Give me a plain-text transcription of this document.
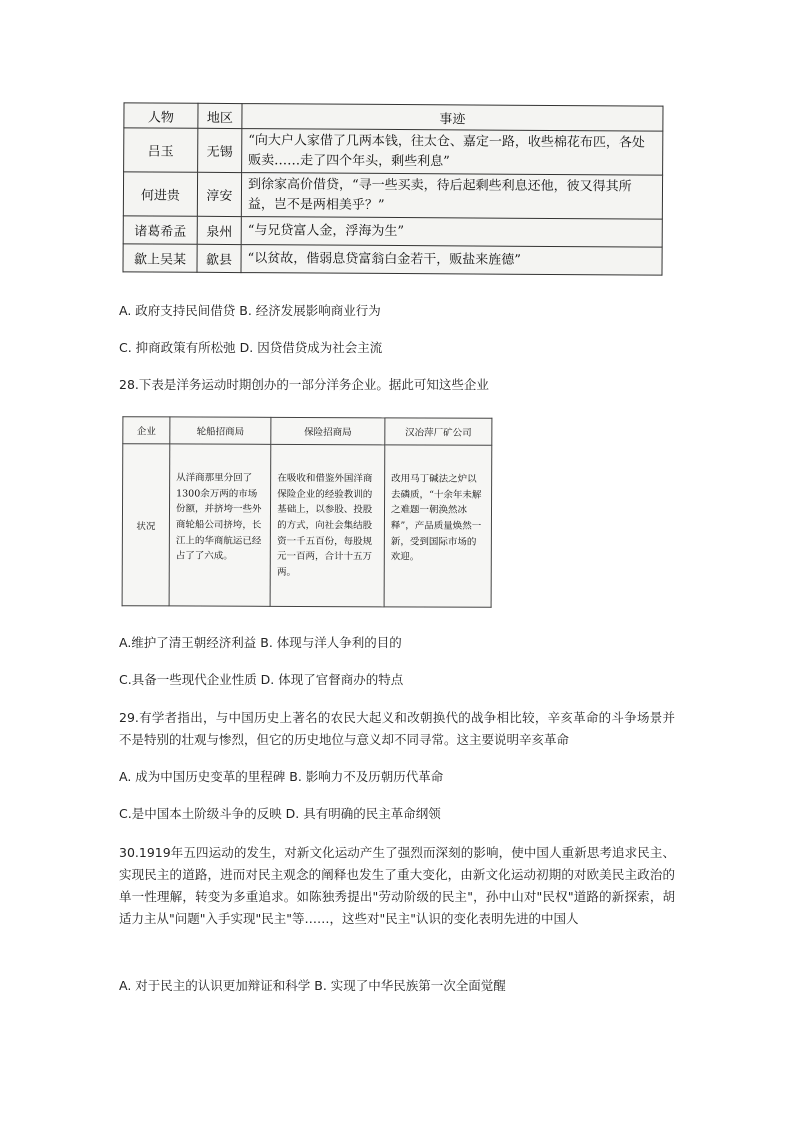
人物	地区	事迹
吕玉	无锡	“向大户人家借了几两本钱，往太仓、嘉定一路，收些棉花布匹，各处贩卖……走了四个年头，剩些利息”
何进贵	淳安	到徐家高价借贷，“寻一些买卖，待后起剩些利息还他，彼又得其所益，岂不是两相美乎？”
诸葛希孟	泉州	“与兄贷富人金，浮海为生”
歙上吴某	歙县	“以贫故，偕弱息贷富翁白金若干，贩盐来旌德”
A. 政府支持民间借贷 B. 经济发展影响商业行为
C. 抑商政策有所松弛 D. 因贷借贷成为社会主流
28.下表是洋务运动时期创办的一部分洋务企业。据此可知这些企业
企业	轮船招商局	保险招商局	汉冶萍厂矿公司
状况	从洋商那里分回了1300余万两的市场份额，并挤垮一些外商轮船公司挤垮，长江上的华商航运已经占了了六成。	在吸收和借鉴外国洋商保险企业的经验教训的基础上，以参股、投股的方式，向社会集结股资一千五百份，每股规元一百两，合计十五万两。	改用马丁碱法之炉以去磷质，“十余年未解之难题一朝涣然冰释”，产品质量焕然一新，受到国际市场的欢迎。
A.维护了清王朝经济利益 B. 体现与洋人争利的目的
C.具备一些现代企业性质 D. 体现了官督商办的特点
29.有学者指出，与中国历史上著名的农民大起义和改朝换代的战争相比较，辛亥革命的斗争场景并不是特别的壮观与惨烈，但它的历史地位与意义却不同寻常。这主要说明辛亥革命
A. 成为中国历史变革的里程碑 B. 影响力不及历朝历代革命
C.是中国本土阶级斗争的反映 D. 具有明确的民主革命纲领
30.1919年五四运动的发生，对新文化运动产生了强烈而深刻的影响，使中国人重新思考追求民主、实现民主的道路，进而对民主观念的阐释也发生了重大变化，由新文化运动初期的对欧美民主政治的单一性理解，转变为多重追求。如陈独秀提出"劳动阶级的民主"，孙中山对"民权"道路的新探索，胡适力主从"问题"入手实现"民主"等……，这些对"民主"认识的变化表明先进的中国人
A. 对于民主的认识更加辩证和科学 B. 实现了中华民族第一次全面觉醒
